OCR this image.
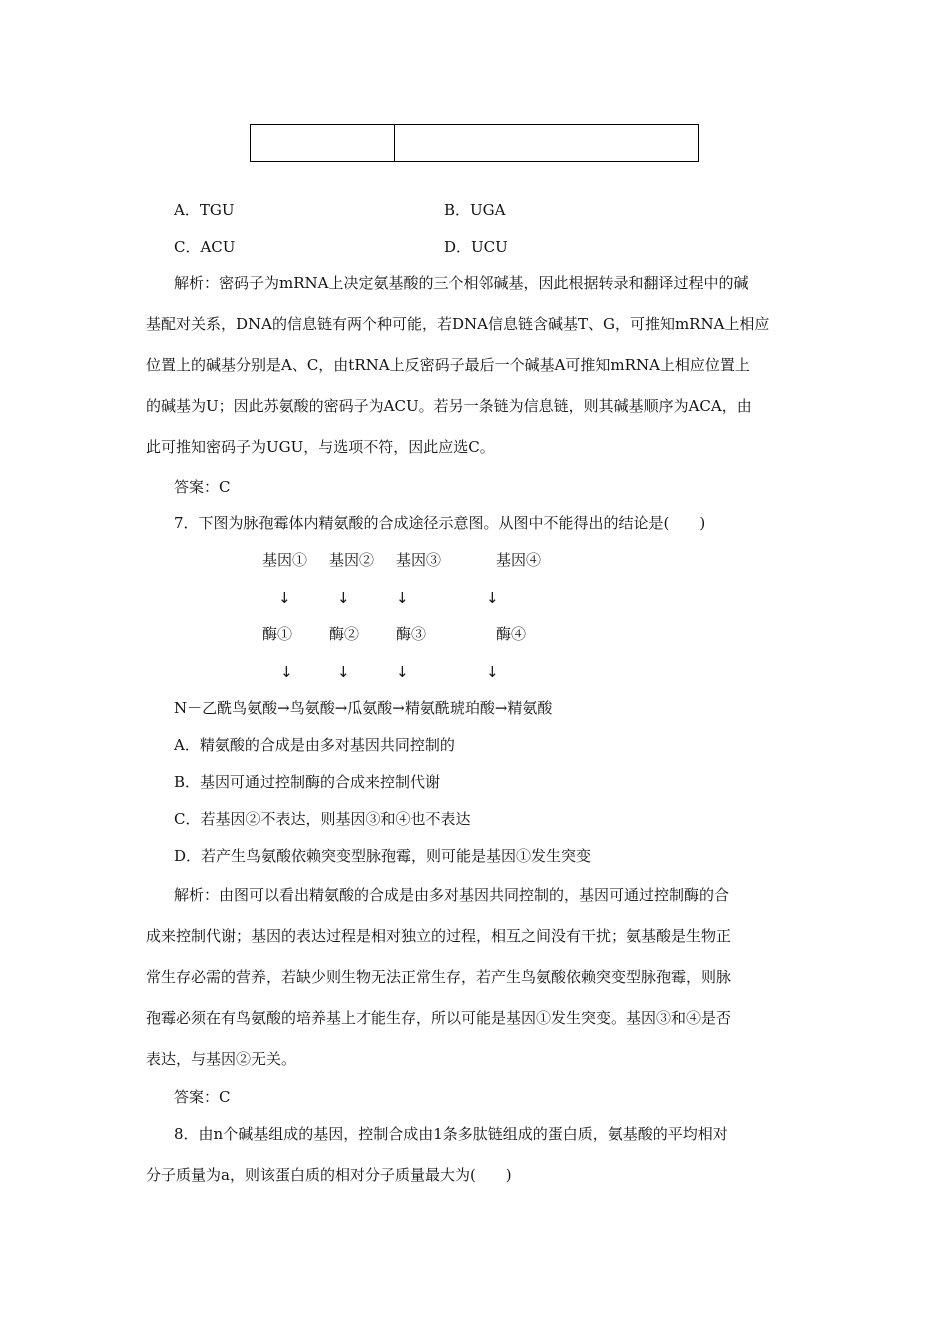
A．TGU	B．UGA
C．ACU	D．UCU
解析：密码子为mRNA上决定氨基酸的三个相邻碱基，因此根据转录和翻译过程中的碱
基配对关系，DNA的信息链有两个种可能，若DNA信息链含碱基T、G，可推知mRNA上相应
位置上的碱基分别是A、C，由tRNA上反密码子最后一个碱基A可推知mRNA上相应位置上
的碱基为U；因此苏氨酸的密码子为ACU。若另一条链为信息链，则其碱基顺序为ACA，由
此可推知密码子为UGU，与选项不符，因此应选C。
答案：C
7．下图为脉孢霉体内精氨酸的合成途径示意图。从图中不能得出的结论是(　　)
基因① 基因② 基因③	基因④
↓	↓	↓	↓
酶① 酶② 酶③	酶④
↓	↓	↓	↓
N－乙酰鸟氨酸→鸟氨酸→瓜氨酸→精氨酰琥珀酸→精氨酸
A．精氨酸的合成是由多对基因共同控制的
B．基因可通过控制酶的合成来控制代谢
C．若基因②不表达，则基因③和④也不表达
D．若产生鸟氨酸依赖突变型脉孢霉，则可能是基因①发生突变
解析：由图可以看出精氨酸的合成是由多对基因共同控制的，基因可通过控制酶的合
成来控制代谢；基因的表达过程是相对独立的过程，相互之间没有干扰；氨基酸是生物正
常生存必需的营养，若缺少则生物无法正常生存，若产生鸟氨酸依赖突变型脉孢霉，则脉
孢霉必须在有鸟氨酸的培养基上才能生存，所以可能是基因①发生突变。基因③和④是否
表达，与基因②无关。
答案：C
8．由n个碱基组成的基因，控制合成由1条多肽链组成的蛋白质，氨基酸的平均相对
分子质量为a，则该蛋白质的相对分子质量最大为(　　)
